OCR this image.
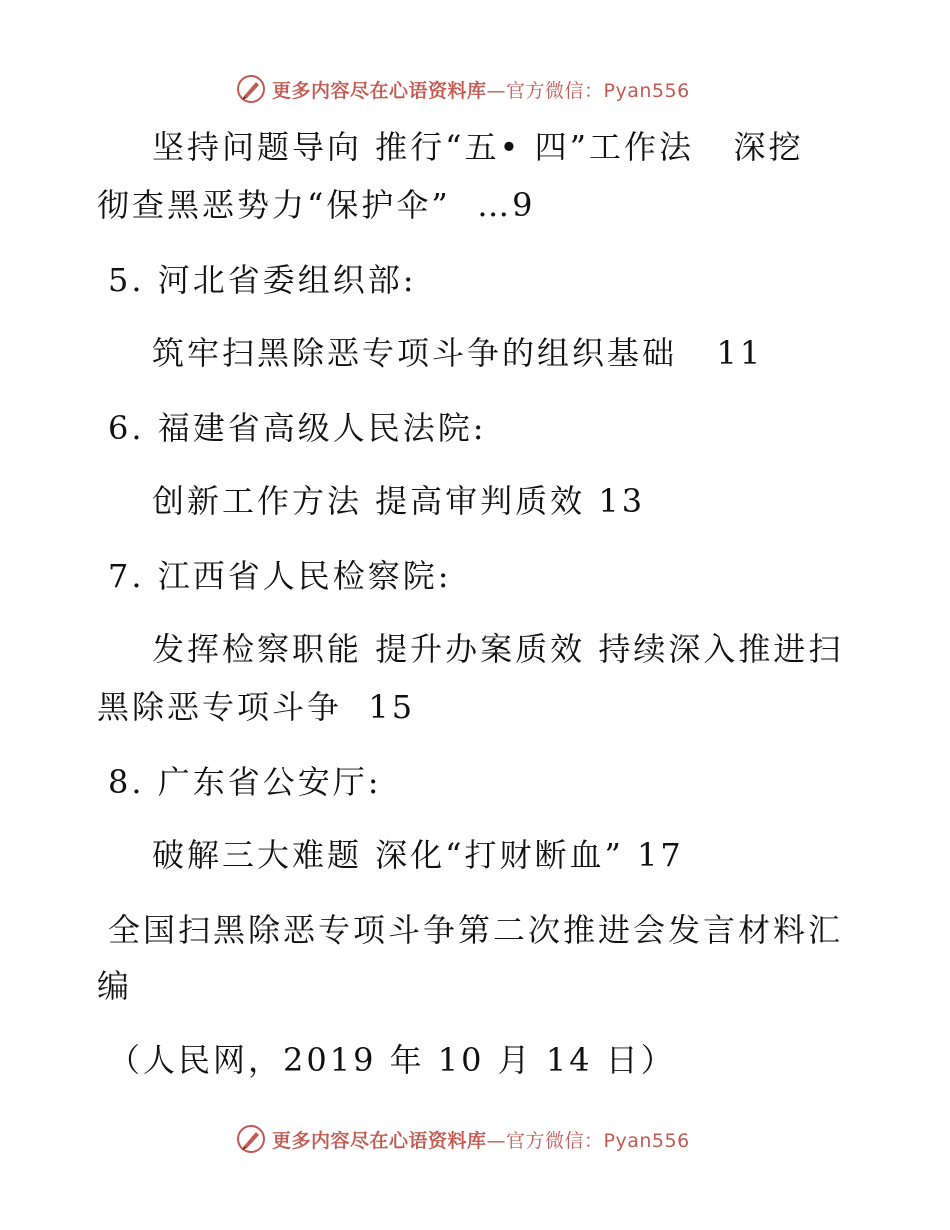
更多内容尽在心语资料库—官方微信：Pyan556
坚持问题导向 推行“五• 四”工作法   深挖
彻查黑恶势力“保护伞”  …9
5. 河北省委组织部:
筑牢扫黑除恶专项斗争的组织基础   11
6. 福建省高级人民法院:
创新工作方法 提高审判质效 13
7. 江西省人民检察院:
发挥检察职能 提升办案质效 持续深入推进扫
黑除恶专项斗争  15
8. 广东省公安厅:
破解三大难题 深化“打财断血” 17
全国扫黑除恶专项斗争第二次推进会发言材料汇
编
（人民网，2019 年 10 月 14 日）
更多内容尽在心语资料库—官方微信：Pyan556
